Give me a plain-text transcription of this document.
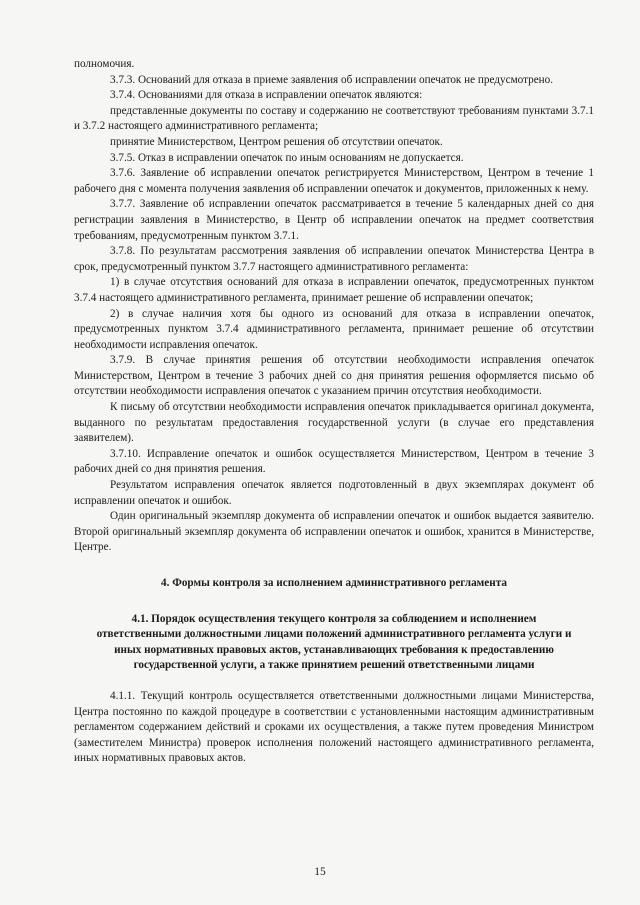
полномочия.

3.7.3. Оснований для отказа в приеме заявления об исправлении опечаток не предусмотрено.

3.7.4. Основаниями для отказа в исправлении опечаток являются:

представленные документы по составу и содержанию не соответствуют требованиям пунктами 3.7.1 и 3.7.2 настоящего административного регламента;

принятие Министерством, Центром решения об отсутствии опечаток.

3.7.5. Отказ в исправлении опечаток по иным основаниям не допускается.

3.7.6. Заявление об исправлении опечаток регистрируется Министерством, Центром в течение 1 рабочего дня с момента получения заявления об исправлении опечаток и документов, приложенных к нему.

3.7.7. Заявление об исправлении опечаток рассматривается в течение 5 календарных дней со дня регистрации заявления в Министерство, в Центр об исправлении опечаток на предмет соответствия требованиям, предусмотренным пунктом 3.7.1.

3.7.8. По результатам рассмотрения заявления об исправлении опечаток Министерства Центра в срок, предусмотренный пунктом 3.7.7 настоящего административного регламента:

1) в случае отсутствия оснований для отказа в исправлении опечаток, предусмотренных пунктом 3.7.4 настоящего административного регламента, принимает решение об исправлении опечаток;

2) в случае наличия хотя бы одного из оснований для отказа в исправлении опечаток, предусмотренных пунктом 3.7.4 административного регламента, принимает решение об отсутствии необходимости исправления опечаток.

3.7.9. В случае принятия решения об отсутствии необходимости исправления опечаток Министерством, Центром в течение 3 рабочих дней со дня принятия решения оформляется письмо об отсутствии необходимости исправления опечаток с указанием причин отсутствия необходимости.

К письму об отсутствии необходимости исправления опечаток прикладывается оригинал документа, выданного по результатам предоставления государственной услуги (в случае его представления заявителем).

3.7.10. Исправление опечаток и ошибок осуществляется Министерством, Центром в течение 3 рабочих дней со дня принятия решения.

Результатом исправления опечаток является подготовленный в двух экземплярах документ об исправлении опечаток и ошибок.

Один оригинальный экземпляр документа об исправлении опечаток и ошибок выдается заявителю. Второй оригинальный экземпляр документа об исправлении опечаток и ошибок, хранится в Министерстве, Центре.

4. Формы контроля за исполнением административного регламента
4.1. Порядок осуществления текущего контроля за соблюдением и исполнением ответственными должностными лицами положений административного регламента услуги и иных нормативных правовых актов, устанавливающих требования к предоставлению государственной услуги, а также принятием решений ответственными лицами

4.1.1. Текущий контроль осуществляется ответственными должностными лицами Министерства, Центра постоянно по каждой процедуре в соответствии с установленными настоящим административным регламентом содержанием действий и сроками их осуществления, а также путем проведения Министром (заместителем Министра) проверок исполнения положений настоящего административного регламента, иных нормативных правовых актов.

15
